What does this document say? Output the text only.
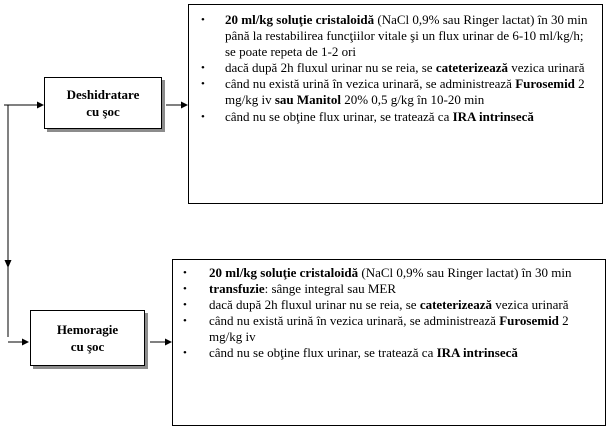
Deshidratare
cu şoc
Hemoragie
cu şoc
• 20 ml/kg soluţie cristaloidă (NaCl 0,9% sau Ringer lactat) în 30 min până la restabilirea funcţiilor vitale şi un flux urinar de 6-10 ml/kg/h; se poate repeta de 1-2 ori
• dacă după 2h fluxul urinar nu se reia, se cateterizează vezica urinară
• când nu există urină în vezica urinară, se administrează Furosemid 2 mg/kg iv sau Manitol 20% 0,5 g/kg în 10-20 min
• când nu se obţine flux urinar, se tratează ca IRA intrinsecă
• 20 ml/kg soluţie cristaloidă (NaCl 0,9% sau Ringer lactat) în 30 min
• transfuzie: sânge integral sau MER
• dacă după 2h fluxul urinar nu se reia, se cateterizează vezica urinară
• când nu există urină în vezica urinară, se administrează Furosemid 2 mg/kg iv
• când nu se obţine flux urinar, se tratează ca IRA intrinsecă
